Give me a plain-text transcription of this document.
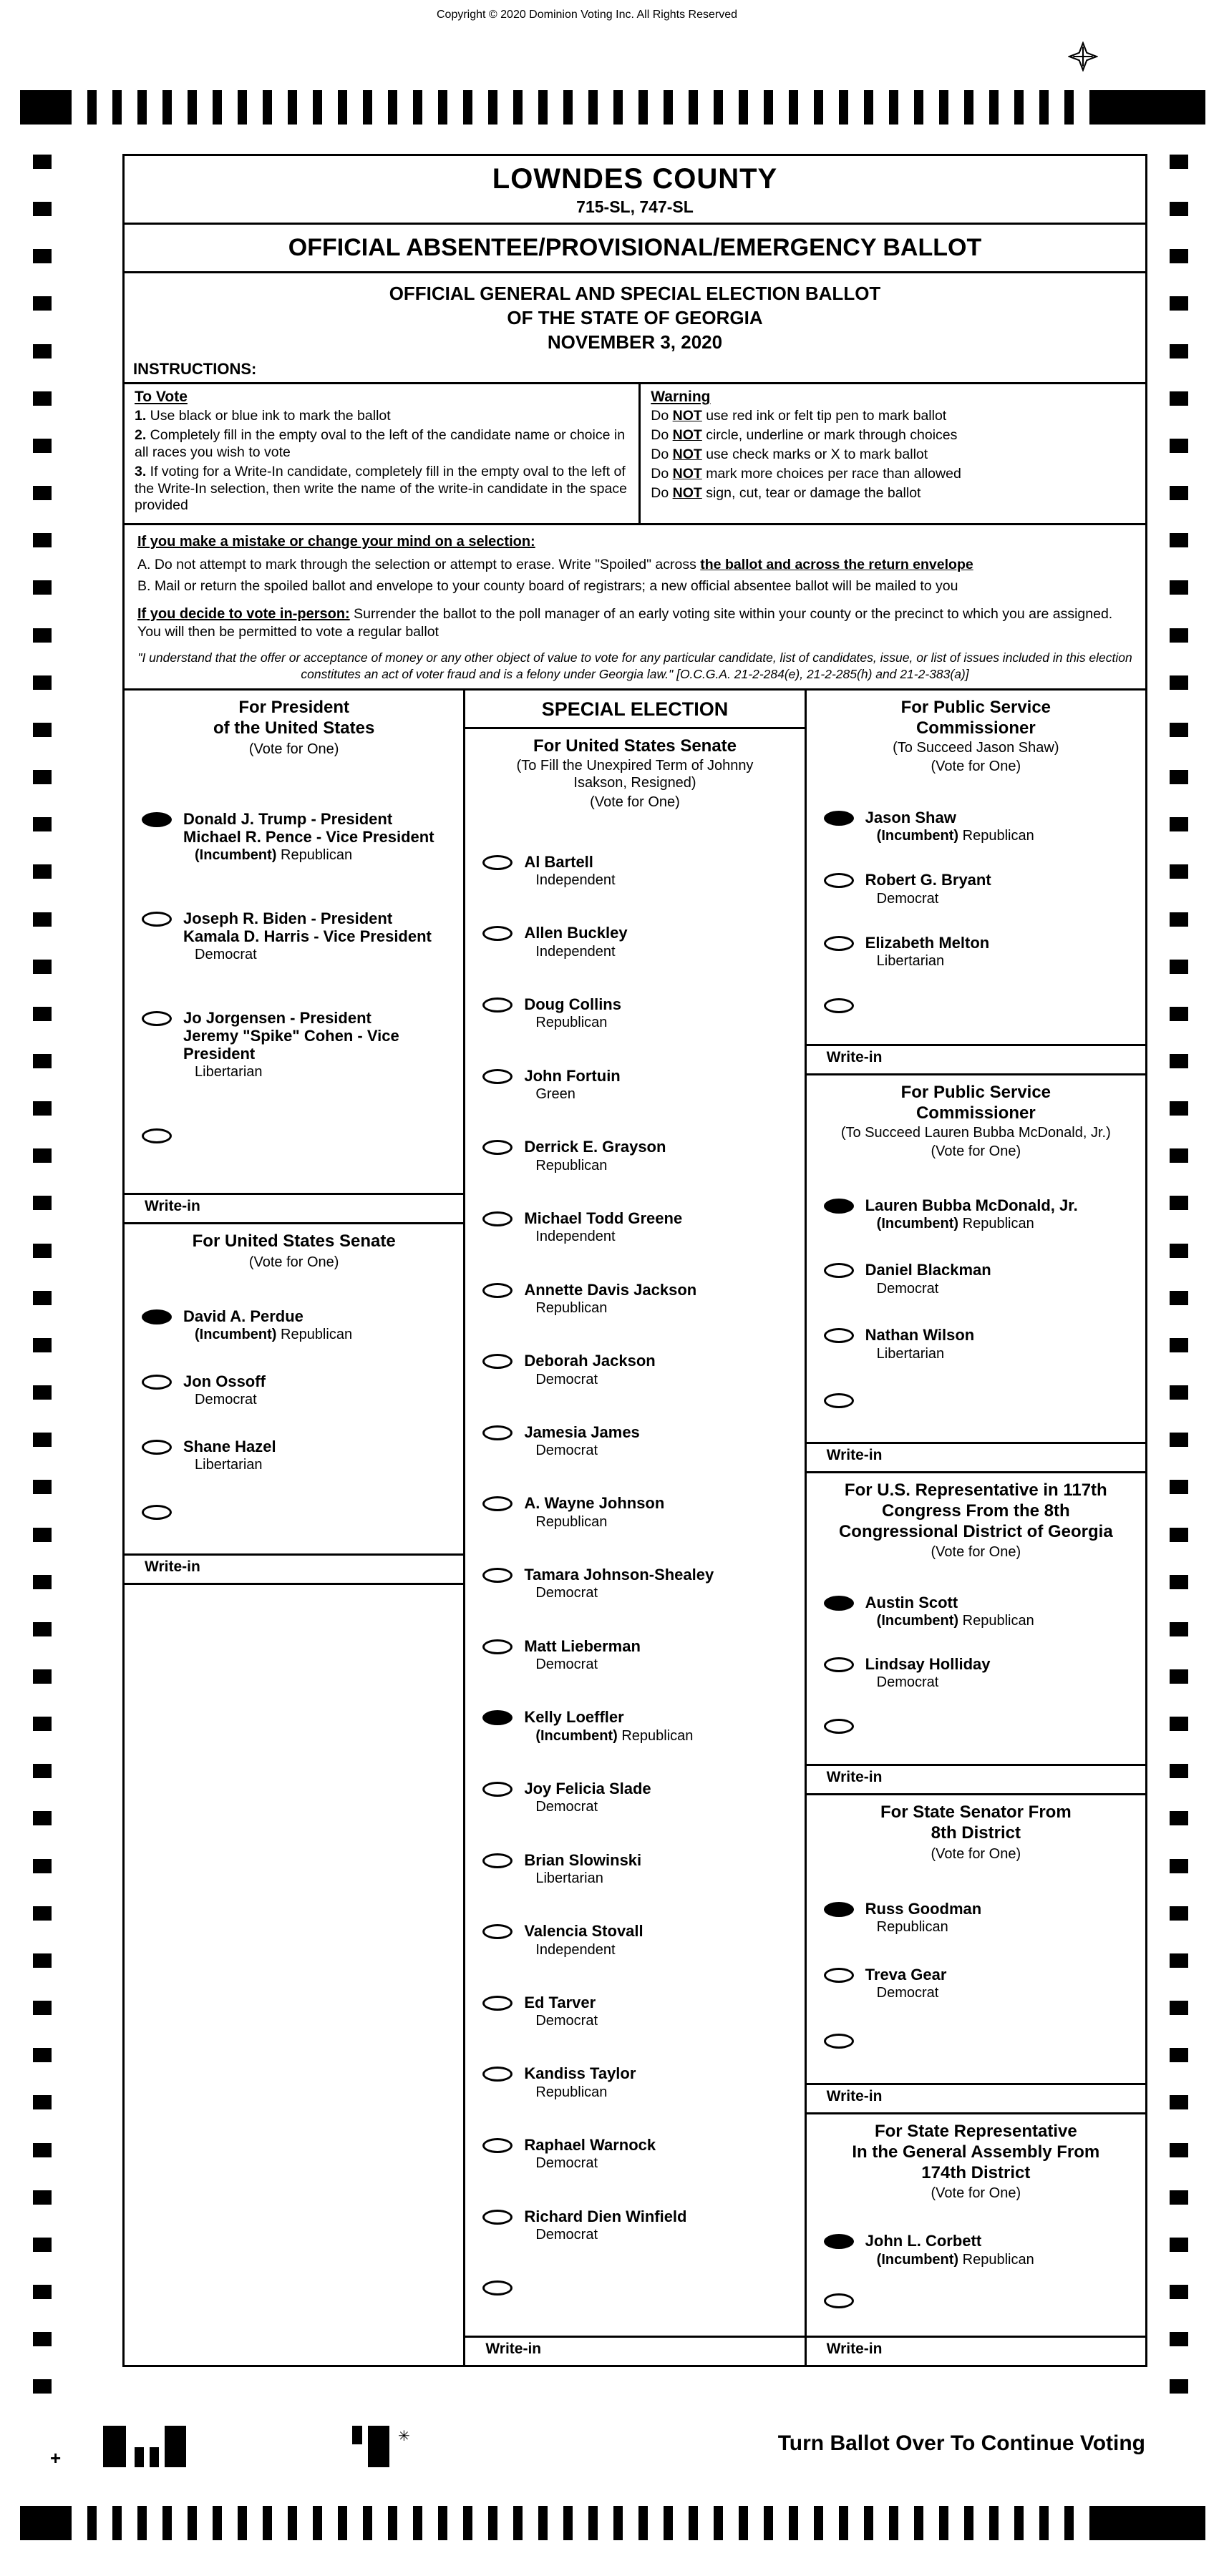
Copyright © 2020 Dominion Voting Inc. All Rights Reserved
LOWNDES COUNTY
715-SL, 747-SL
OFFICIAL ABSENTEE/PROVISIONAL/EMERGENCY BALLOT
OFFICIAL GENERAL AND SPECIAL ELECTION BALLOT
OF THE STATE OF GEORGIA
NOVEMBER 3, 2020
INSTRUCTIONS:
To Vote
1. Use black or blue ink to mark the ballot
2. Completely fill in the empty oval to the left of the candidate name or choice in all races you wish to vote
3. If voting for a Write-In candidate, completely fill in the empty oval to the left of the Write-In selection, then write the name of the write-in candidate in the space provided
Warning
Do NOT use red ink or felt tip pen to mark ballot
Do NOT circle, underline or mark through choices
Do NOT use check marks or X to mark ballot
Do NOT mark more choices per race than allowed
Do NOT sign, cut, tear or damage the ballot
If you make a mistake or change your mind on a selection:
A. Do not attempt to mark through the selection or attempt to erase. Write "Spoiled" across the ballot and across the return envelope
B. Mail or return the spoiled ballot and envelope to your county board of registrars; a new official absentee ballot will be mailed to you
If you decide to vote in-person: Surrender the ballot to the poll manager of an early voting site within your county or the precinct to which you are assigned. You will then be permitted to vote a regular ballot
"I understand that the offer or acceptance of money or any other object of value to vote for any particular candidate, list of candidates, issue, or list of issues included in this election constitutes an act of voter fraud and is a felony under Georgia law." [O.C.G.A. 21-2-284(e), 21-2-285(h) and 21-2-383(a)]
For President
of the United States
(Vote for One)
Donald J. Trump - President
Michael R. Pence - Vice President
(Incumbent) Republican
Joseph R. Biden - President
Kamala D. Harris - Vice President
Democrat
Jo Jorgensen - President
Jeremy "Spike" Cohen - Vice President
Libertarian
Write-in
For United States Senate
(Vote for One)
David A. Perdue
(Incumbent) Republican
Jon Ossoff
Democrat
Shane Hazel
Libertarian
Write-in
SPECIAL ELECTION
For United States Senate
(To Fill the Unexpired Term of Johnny
Isakson, Resigned)
(Vote for One)
Al Bartell
Independent
Allen Buckley
Independent
Doug Collins
Republican
John Fortuin
Green
Derrick E. Grayson
Republican
Michael Todd Greene
Independent
Annette Davis Jackson
Republican
Deborah Jackson
Democrat
Jamesia James
Democrat
A. Wayne Johnson
Republican
Tamara Johnson-Shealey
Democrat
Matt Lieberman
Democrat
Kelly Loeffler
(Incumbent) Republican
Joy Felicia Slade
Democrat
Brian Slowinski
Libertarian
Valencia Stovall
Independent
Ed Tarver
Democrat
Kandiss Taylor
Republican
Raphael Warnock
Democrat
Richard Dien Winfield
Democrat
Write-in
For Public Service
Commissioner
(To Succeed Jason Shaw)
(Vote for One)
Jason Shaw
(Incumbent) Republican
Robert G. Bryant
Democrat
Elizabeth Melton
Libertarian
Write-in
For Public Service
Commissioner
(To Succeed Lauren Bubba McDonald, Jr.)
(Vote for One)
Lauren Bubba McDonald, Jr.
(Incumbent) Republican
Daniel Blackman
Democrat
Nathan Wilson
Libertarian
Write-in
For U.S. Representative in 117th
Congress From the 8th
Congressional District of Georgia
(Vote for One)
Austin Scott
(Incumbent) Republican
Lindsay Holliday
Democrat
Write-in
For State Senator From
8th District
(Vote for One)
Russ Goodman
Republican
Treva Gear
Democrat
Write-in
For State Representative
In the General Assembly From
174th District
(Vote for One)
John L. Corbett
(Incumbent) Republican
Write-in
+
✳	Turn Ballot Over To Continue Voting
